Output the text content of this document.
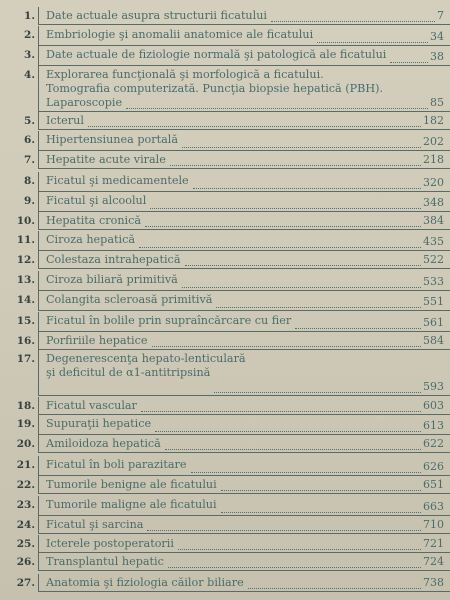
1. Date actuale asupra structurii ficatului	7
2. Embriologie şi anomalii anatomice ale ficatului	34
3. Date actuale de fiziologie normală şi patologică ale ficatului	38
4. Explorarea funcţională şi morfologică a ficatului.
Tomografia computerizată. Puncţia biopsie hepatică (PBH).
Laparoscopie	85
5. Icterul	182
6. Hipertensiunea portală	202
7. Hepatite acute virale	218
8. Ficatul şi medicamentele	320
9. Ficatul şi alcoolul	348
10. Hepatita cronică	384
11. Ciroza hepatică	435
12. Colestaza intrahepatică	522
13. Ciroza biliară primitivă	533
14. Colangita scleroasă primitivă	551
15. Ficatul în bolile prin supraîncărcare cu fier	561
16. Porfiriile hepatice	584
17. Degenerescenţa hepato-lenticulară
şi deficitul de α1-antitripsină
593
18. Ficatul vascular	603
19. Supuraţii hepatice	613
20. Amiloidoza hepatică	622
21. Ficatul în boli parazitare	626
22. Tumorile benigne ale ficatului	651
23. Tumorile maligne ale ficatului	663
24. Ficatul şi sarcina	710
25. Icterele postoperatorii	721
26. Transplantul hepatic	724
27. Anatomia şi fiziologia căilor biliare	738
